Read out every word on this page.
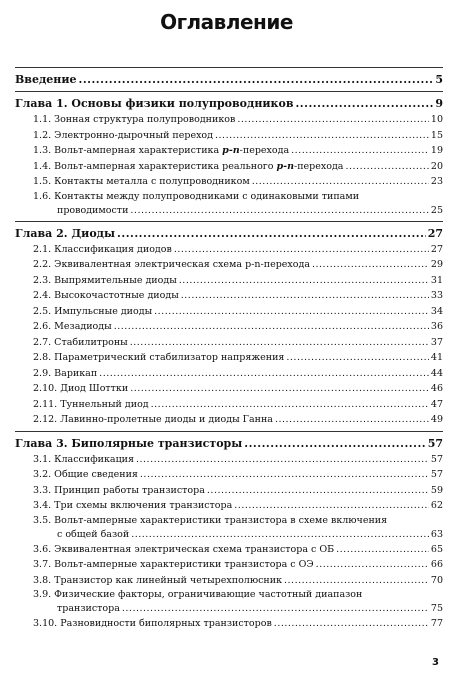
Оглавление
Введение .....	5
Глава 1. Основы физики полупроводников .....	9
1.1. Зонная структура полупроводников .....	10
1.2. Электронно-дырочный переход .....	15
1.3. Вольт-амперная характеристика p-n-перехода .....	19
1.4. Вольт-амперная характеристика реального p-n-перехода .....	20
1.5. Контакты металла с полупроводником .....	23
1.6. Контакты между полупроводниками с одинаковыми типами
проводимости .....	25
Глава 2. Диоды .....	27
2.1. Классификация диодов .....	27
2.2. Эквивалентная электрическая схема p-n-перехода .....	29
2.3. Выпрямительные диоды .....	31
2.4. Высокочастотные диоды .....	33
2.5. Импульсные диоды .....	34
2.6. Мезадиоды .....	36
2.7. Стабилитроны .....	37
2.8. Параметрический стабилизатор напряжения .....	41
2.9. Варикап .....	44
2.10. Диод Шоттки .....	46
2.11. Туннельный диод .....	47
2.12. Лавинно-пролетные диоды и диоды Ганна .....	49
Глава 3. Биполярные транзисторы .....	57
3.1. Классификация .....	57
3.2. Общие сведения .....	57
3.3. Принцип работы транзистора .....	59
3.4. Три схемы включения транзистора .....	62
3.5. Вольт-амперные характеристики транзистора в схеме включения
с общей базой .....	63
3.6. Эквивалентная электрическая схема транзистора с ОБ .....	65
3.7. Вольт-амперные характеристики транзистора с ОЭ .....	66
3.8. Транзистор как линейный четырехполюсник .....	70
3.9. Физические факторы, ограничивающие частотный диапазон
транзистора .....	75
3.10. Разновидности биполярных транзисторов .....	77
3
